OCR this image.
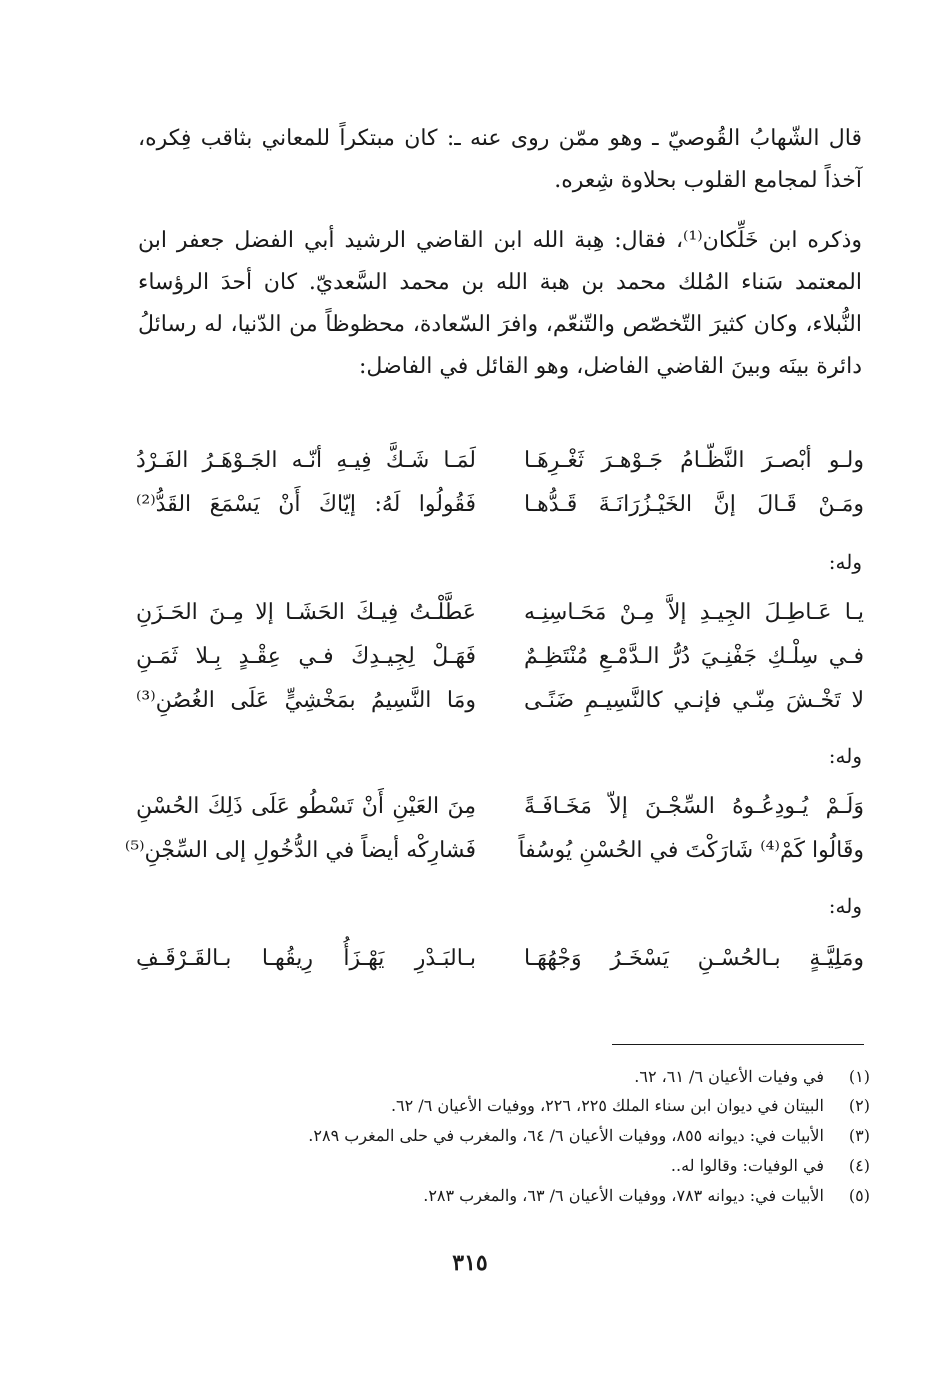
قال الشّهابُ القُوصيّ ـ وهو ممّن روى عنه ـ: كان مبتكراً للمعاني بثاقب فِكره، آخذاً لمجامع القلوب بحلاوة شِعره.

وذكره ابن خَلِّكان⁽¹⁾، فقال: هِبة الله ابن القاضي الرشيد أبي الفضل جعفر ابن المعتمد سَناء المُلك محمد بن هبة الله بن محمد السَّعديّ. كان أحدَ الرؤساء النُّبلاء، وكان كثيرَ التّخصّص والتّنعّم، وافرَ السّعادة، محظوظاً من الدّنيا، له رسائلُ دائرة بينَه وبينَ القاضي الفاضل، وهو القائل في الفاضل:

ولـو أبْصـرَ النَّظّـامُ جَـوْهـرَ ثَغْـرِهَـا
لَمَـا شَـكَّ فِيـهِ أنّـه الجَـوْهَـرُ الفَـرْدُ
ومَـنْ قَـالَ إنَّ الخَيْـزُرَانَـةَ قَـدُّهـا
فَقُولُوا لَهُ: إيّاكَ أَنْ يَسْمَعَ القَدُّ⁽²⁾
وله:
يـا عَـاطِـلَ الجِيـدِ إلاَّ مِـنْ مَحَـاسِنِـه
عَطَّلْـتُ فِيـكَ الحَشَـا إلا مِـنَ الحَـزَنِ
فـي سِلْـكِ جَفْنِـيَ دُرُّ الـدَّمْـعِ مُنْتَظِـمٌ
فَهَـلْ لِجِيـدِكَ فـي عِقْـدٍ بِـلا ثَمَـنِ
لا تَخْـشَ مِنّـي فإنـي كالنَّسِيـمِ ضَنًـى
ومَا النَّسِيمُ بمَخْشِيٍّ عَلَى الغُصُنِ⁽³⁾
وله:
وَلَـمْ يُـودِعُـوهُ السِّجْـنَ إلاّ مَخَـافَـةً
مِنَ العَيْنِ أَنْ تَسْطُو عَلَى ذَلِكَ الحُسْنِ
وقَالُوا كَمْ⁽⁴⁾ شَارَكْتَ في الحُسْنِ يُوسُفاً
فَشارِكْه أيضاً في الدُّخُولِ إلى السِّجْنِ⁽⁵⁾
وله:
ومَلِيَّـةٍ بـالحُسْـنِ يَسْخَـرُ وَجْهُهَـا
بـالبَـدْرِ يَهْـزَأُ رِيقُهـا بـالقَـرْقَـفِ
(١)في وفيات الأعيان ٦/ ٦١، ٦٢.
(٢)البيتان في ديوان ابن سناء الملك ٢٢٥، ٢٢٦، ووفيات الأعيان ٦/ ٦٢.
(٣)الأبيات في: ديوانه ٨٥٥، ووفيات الأعيان ٦/ ٦٤، والمغرب في حلى المغرب ٢٨٩.
(٤)في الوفيات: وقالوا له..
(٥)الأبيات في: ديوانه ٧٨٣، ووفيات الأعيان ٦/ ٦٣، والمغرب ٢٨٣.
٣١٥
